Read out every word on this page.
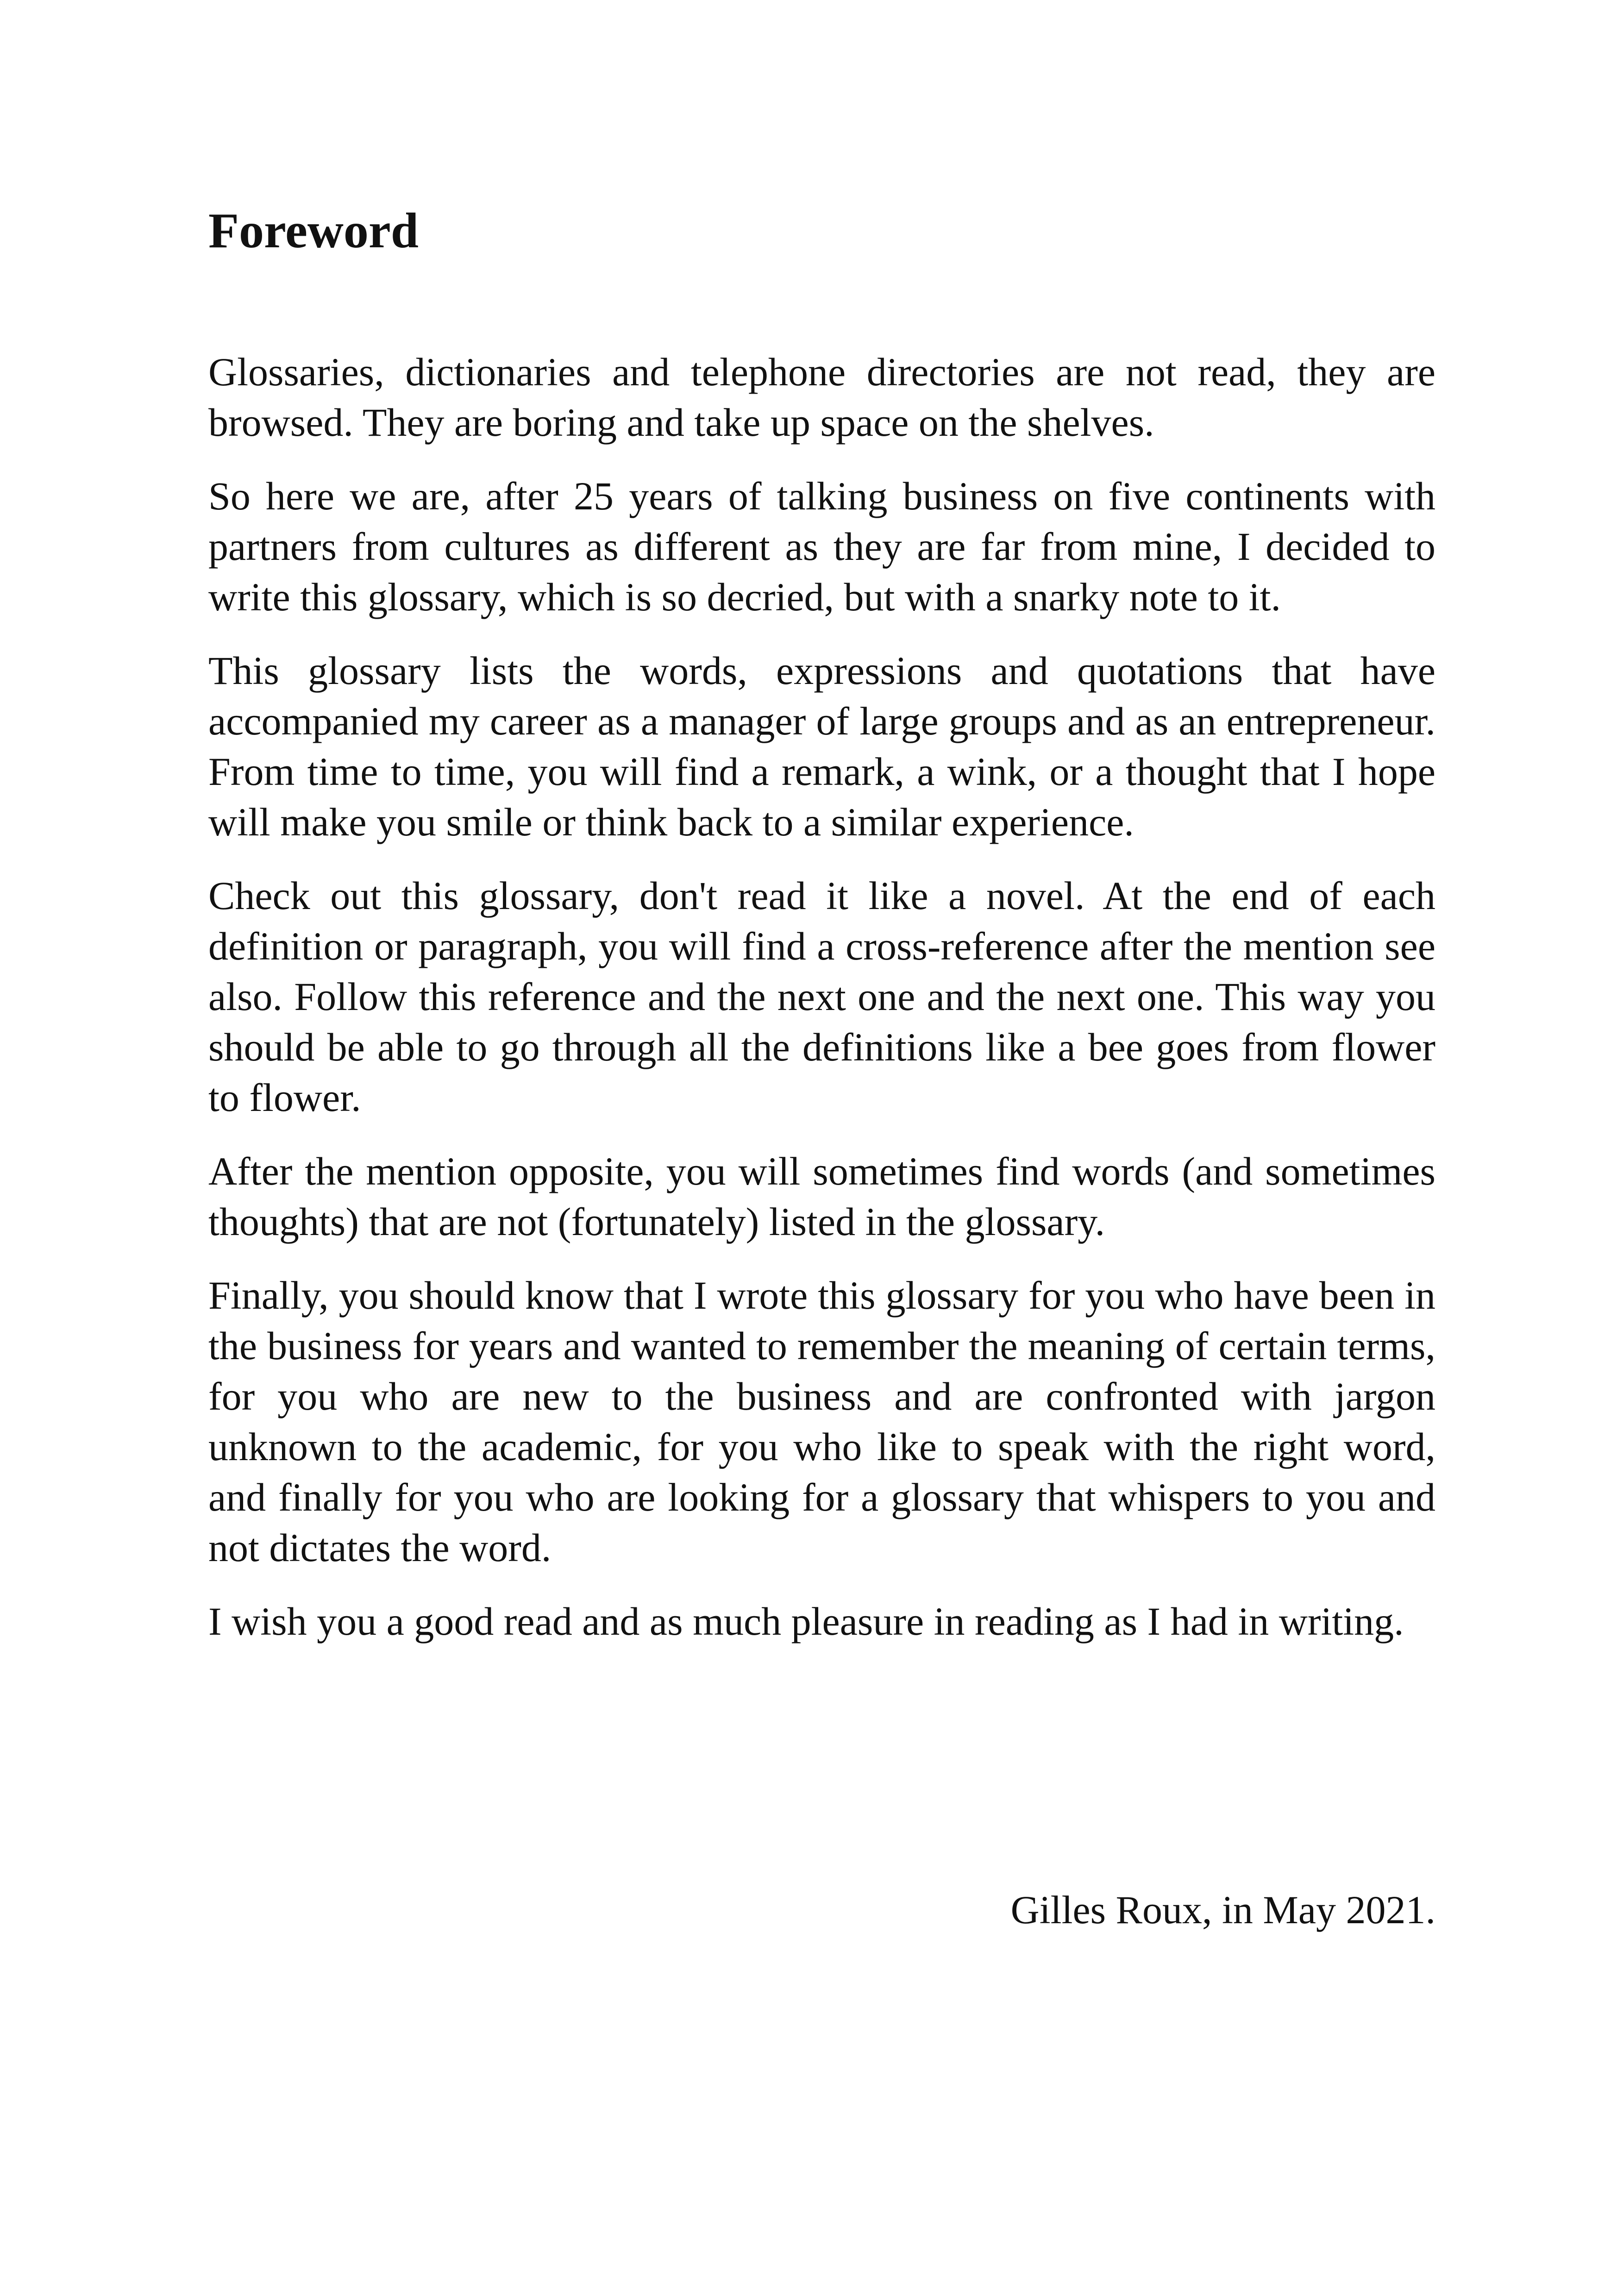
Foreword

Glossaries, dictionaries and telephone directories are not read, they are browsed. They are boring and take up space on the shelves.

So here we are, after 25 years of talking business on five continents with partners from cultures as different as they are far from mine, I decided to write this glossary, which is so decried, but with a snarky note to it.

This glossary lists the words, expressions and quotations that have accompanied my career as a manager of large groups and as an entrepreneur. From time to time, you will find a remark, a wink, or a thought that I hope will make you smile or think back to a similar experience.

Check out this glossary, don't read it like a novel. At the end of each definition or paragraph, you will find a cross-reference after the mention see also. Follow this reference and the next one and the next one. This way you should be able to go through all the definitions like a bee goes from flower to flower.

After the mention opposite, you will sometimes find words (and sometimes thoughts) that are not (fortunately) listed in the glossary.

Finally, you should know that I wrote this glossary for you who have been in the business for years and wanted to remember the meaning of certain terms, for you who are new to the business and are confronted with jargon unknown to the academic, for you who like to speak with the right word, and finally for you who are looking for a glossary that whispers to you and not dictates the word.

I wish you a good read and as much pleasure in reading as I had in writing.

Gilles Roux, in May 2021.
